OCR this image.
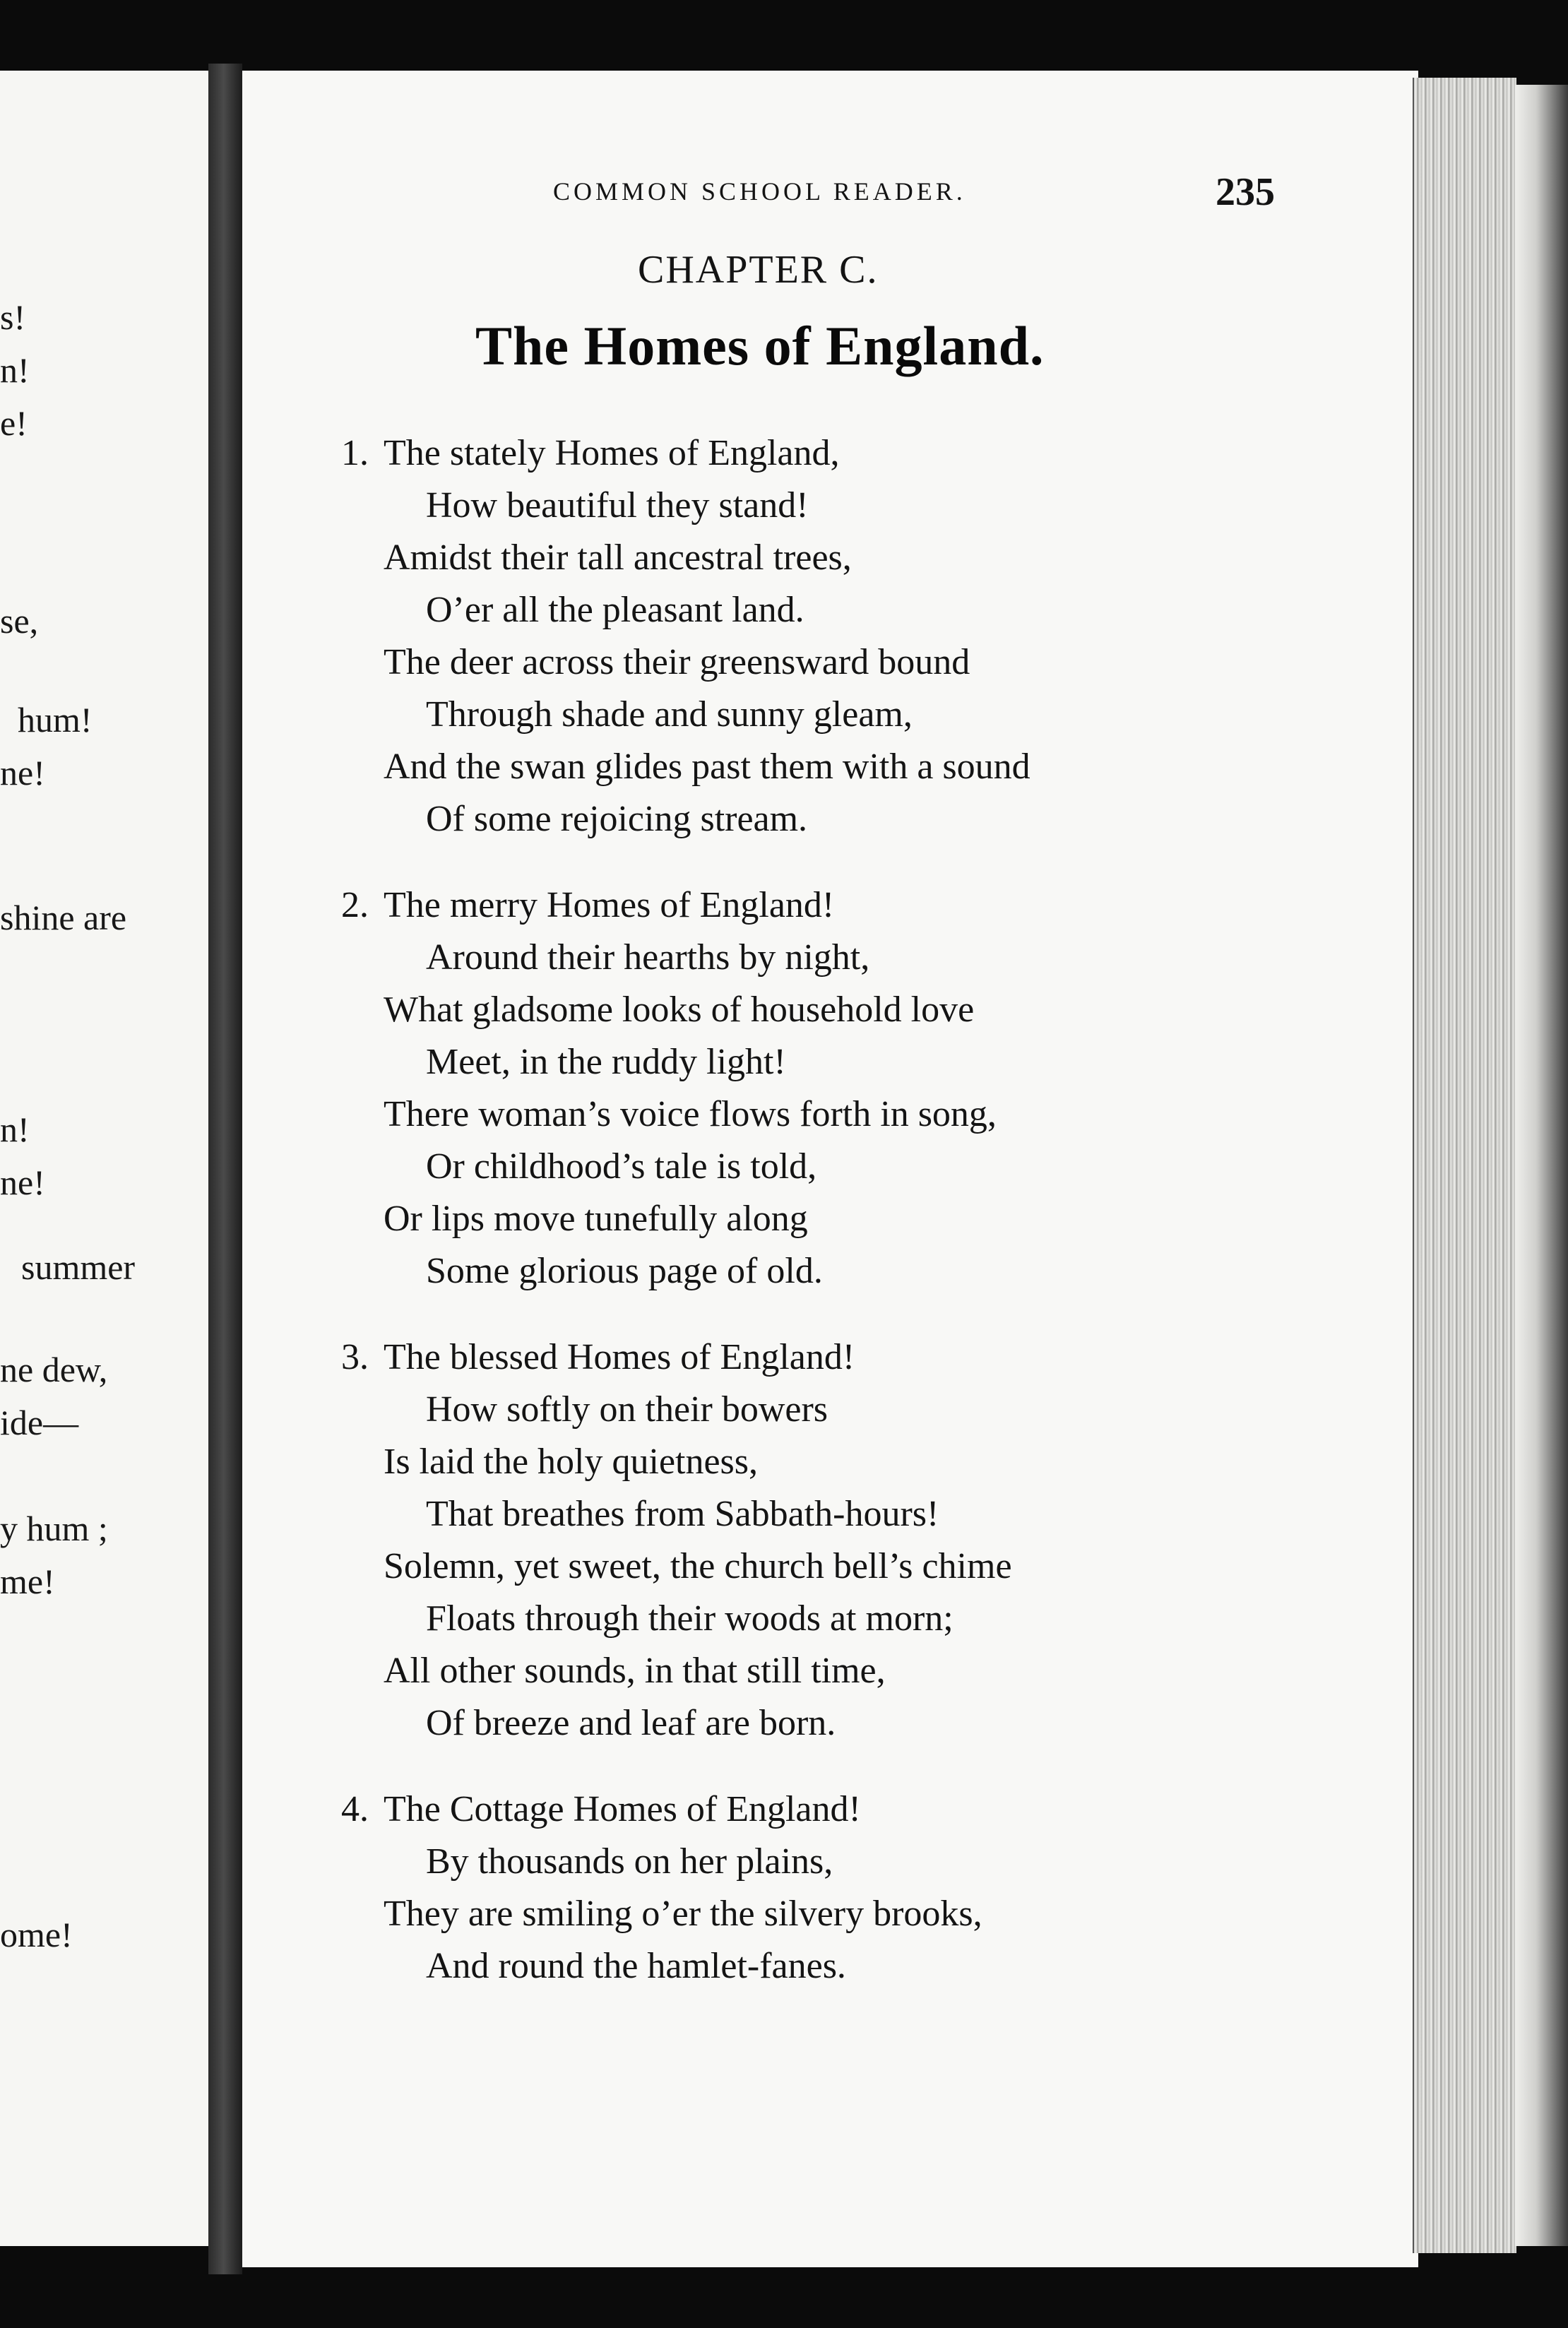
s!
n!
e!
se,
hum!
ne!
shine are
n!
ne!
summer
ne dew,
ide—
y hum ;
me!
ome!
COMMON SCHOOL READER.	235
CHAPTER C.
The Homes of England.
1. The stately Homes of England,
How beautiful they stand!
Amidst their tall ancestral trees,
O’er all the pleasant land.
The deer across their greensward bound
Through shade and sunny gleam,
And the swan glides past them with a sound
Of some rejoicing stream.
2. The merry Homes of England!
Around their hearths by night,
What gladsome looks of household love
Meet, in the ruddy light!
There woman’s voice flows forth in song,
Or childhood’s tale is told,
Or lips move tunefully along
Some glorious page of old.
3. The blessed Homes of England!
How softly on their bowers
Is laid the holy quietness,
That breathes from Sabbath-hours!
Solemn, yet sweet, the church bell’s chime
Floats through their woods at morn;
All other sounds, in that still time,
Of breeze and leaf are born.
4. The Cottage Homes of England!
By thousands on her plains,
They are smiling o’er the silvery brooks,
And round the hamlet-fanes.
